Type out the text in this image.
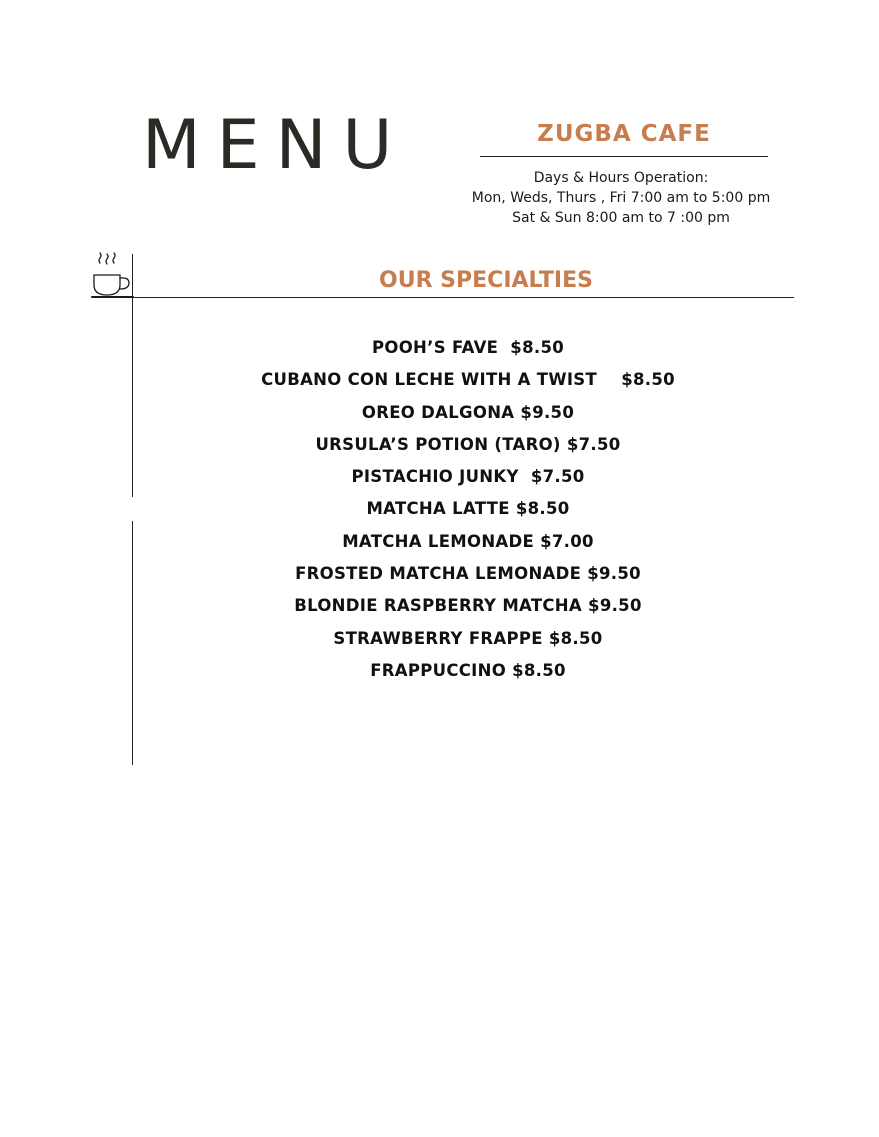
MENU	ZUGBA CAFE
Days & Hours Operation:
Mon, Weds, Thurs , Fri 7:00 am to 5:00 pm
Sat & Sun 8:00 am to 7 :00 pm
OUR SPECIALTIES
POOH’S FAVE  $8.50
CUBANO CON LECHE WITH A TWIST    $8.50
OREO DALGONA $9.50
URSULA’S POTION (TARO) $7.50
PISTACHIO JUNKY  $7.50
MATCHA LATTE $8.50
MATCHA LEMONADE $7.00
FROSTED MATCHA LEMONADE $9.50
BLONDIE RASPBERRY MATCHA $9.50
STRAWBERRY FRAPPE $8.50
FRAPPUCCINO $8.50
